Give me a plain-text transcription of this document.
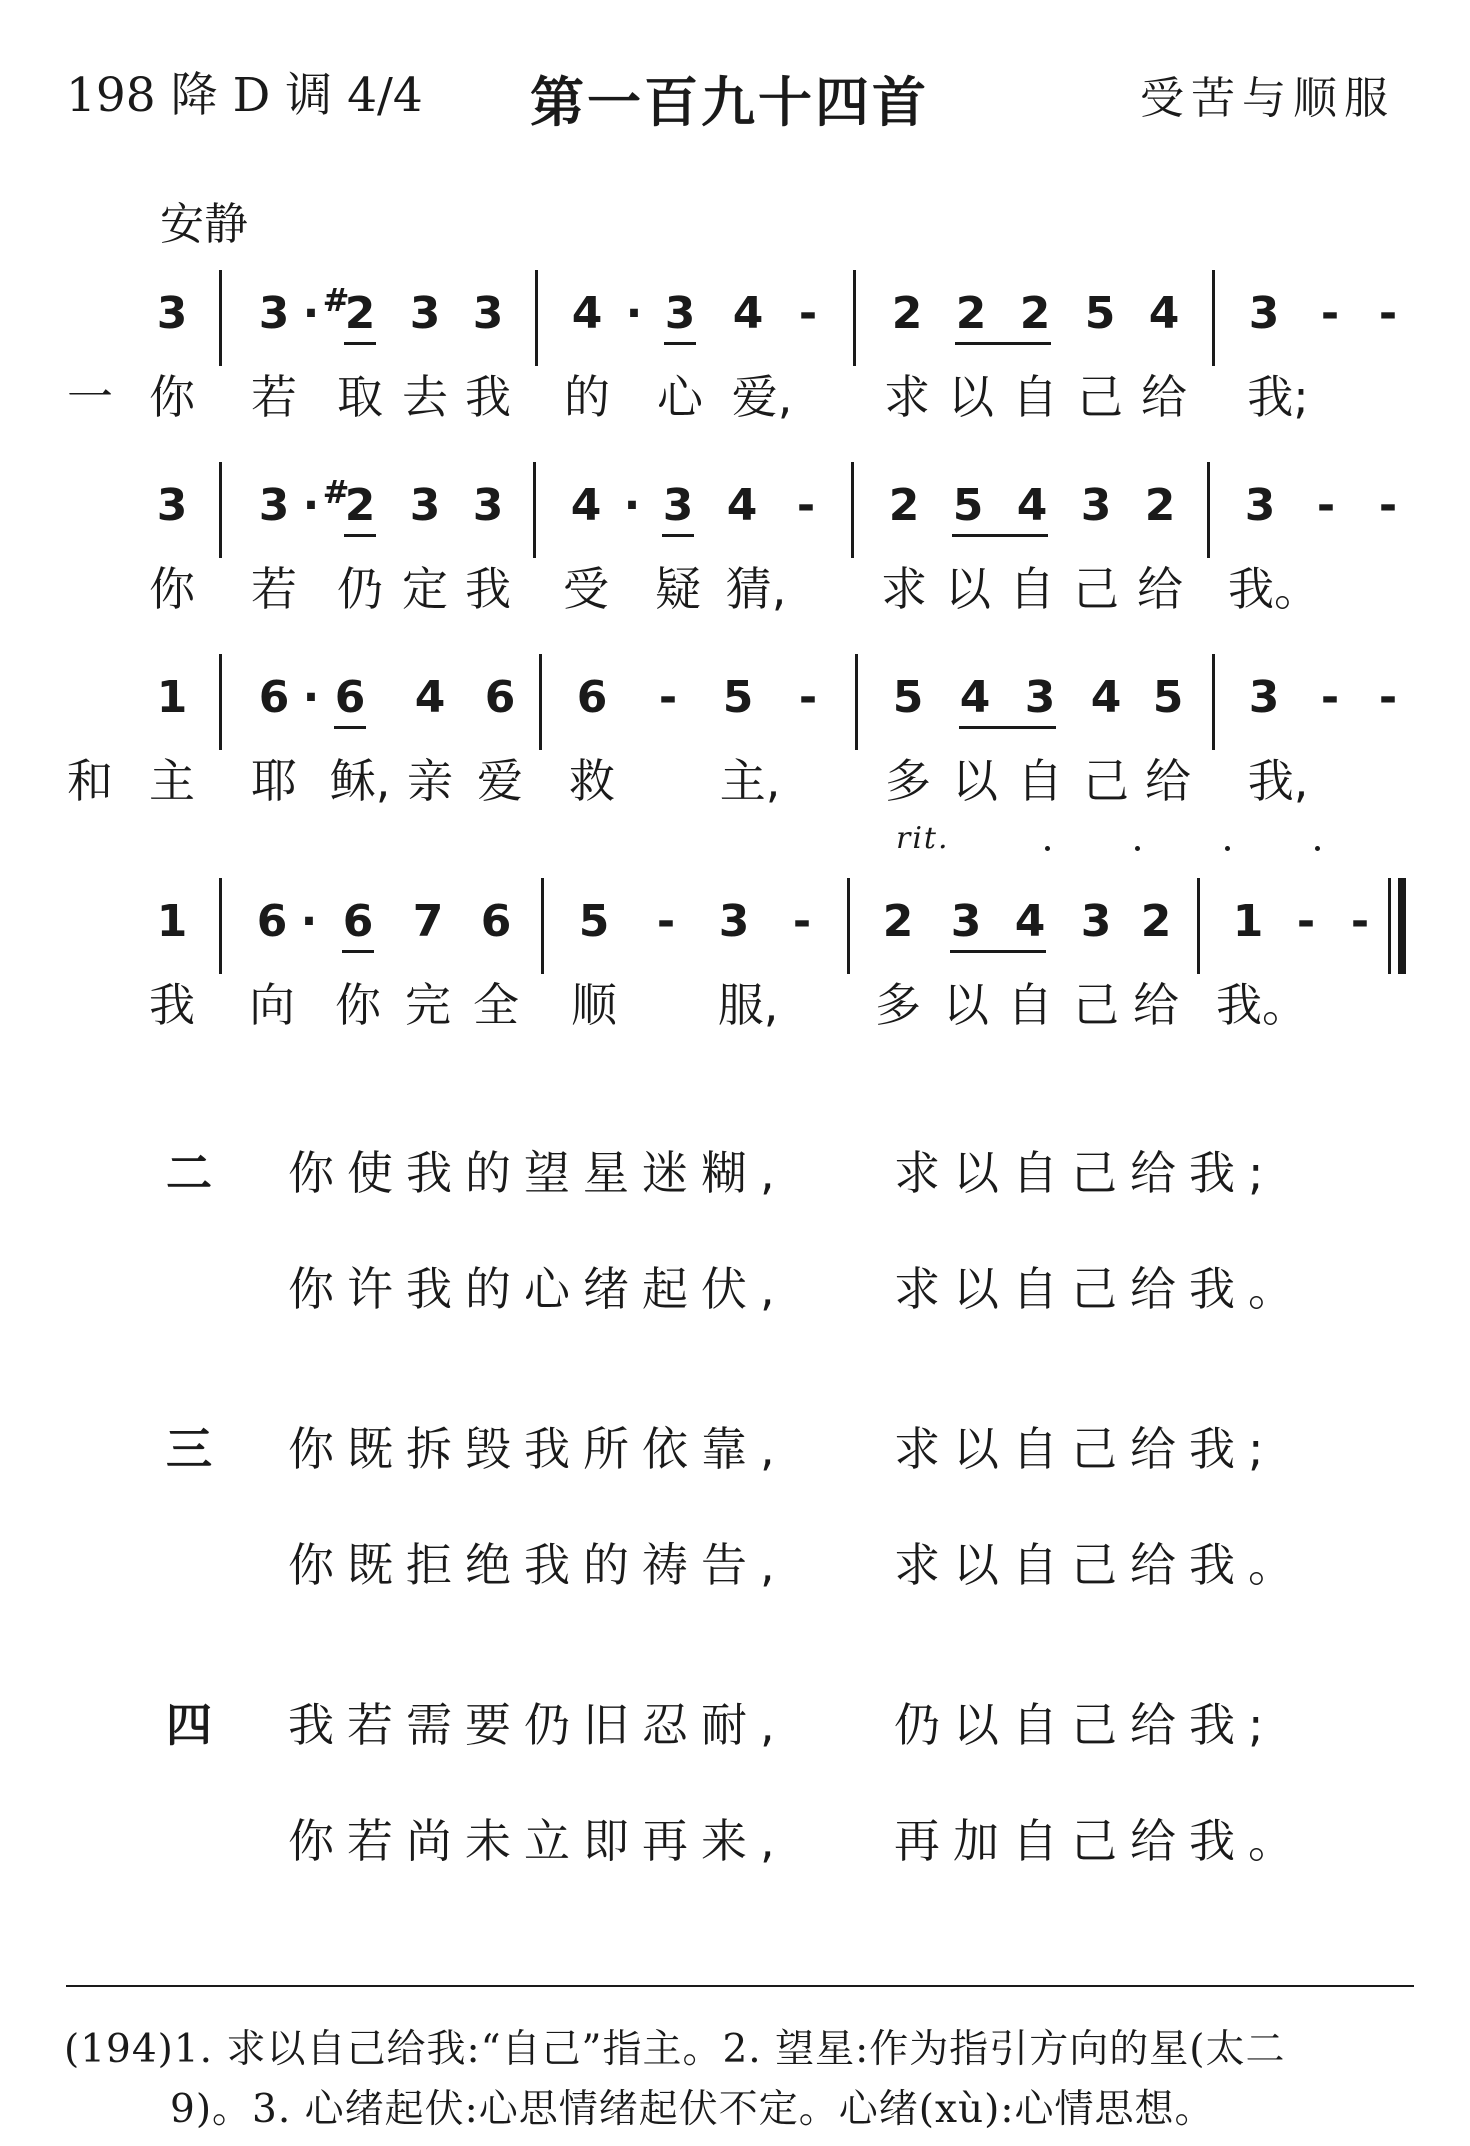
198 降 D 调 4/4 第一百九十四首	受苦与顺服
安静
3 3 · #
2 3 3 4 · 3 4 - 2 2 2 5 4 3 - -
一 你 若 取 去 我 的 心 爱, 求 以 自 己 给 我;
3 3 · #
2 3 3 4 · 3 4 - 2 5 4 3 2 3 - -
你 若 仍 定 我 受 疑 猜, 求 以 自 己 给 我。
1 6 · 6 4 6 6 - 5 - 5 4 3 4 5 3 - -
和 主 耶 稣, 亲 爱 救 主, 多 以 自 己 给 我,
rit.
1 6 · 6 7 6 5 - 3 - 2 3 4 3 2 1 - -
我 向 你 完 全 顺 服, 多 以 自 己 给 我。
二 你使我的望星迷糊, 求以自己给我;
你许我的心绪起伏, 求以自己给我。
三 你既拆毁我所依靠, 求以自己给我;
你既拒绝我的祷告, 求以自己给我。
四 我若需要仍旧忍耐, 仍以自己给我;
你若尚未立即再来, 再加自己给我。
(194)1. 求以自己给我:“自己”指主。2. 望星:作为指引方向的星(太二
9)。3. 心绪起伏:心思情绪起伏不定。心绪(xù):心情思想。
